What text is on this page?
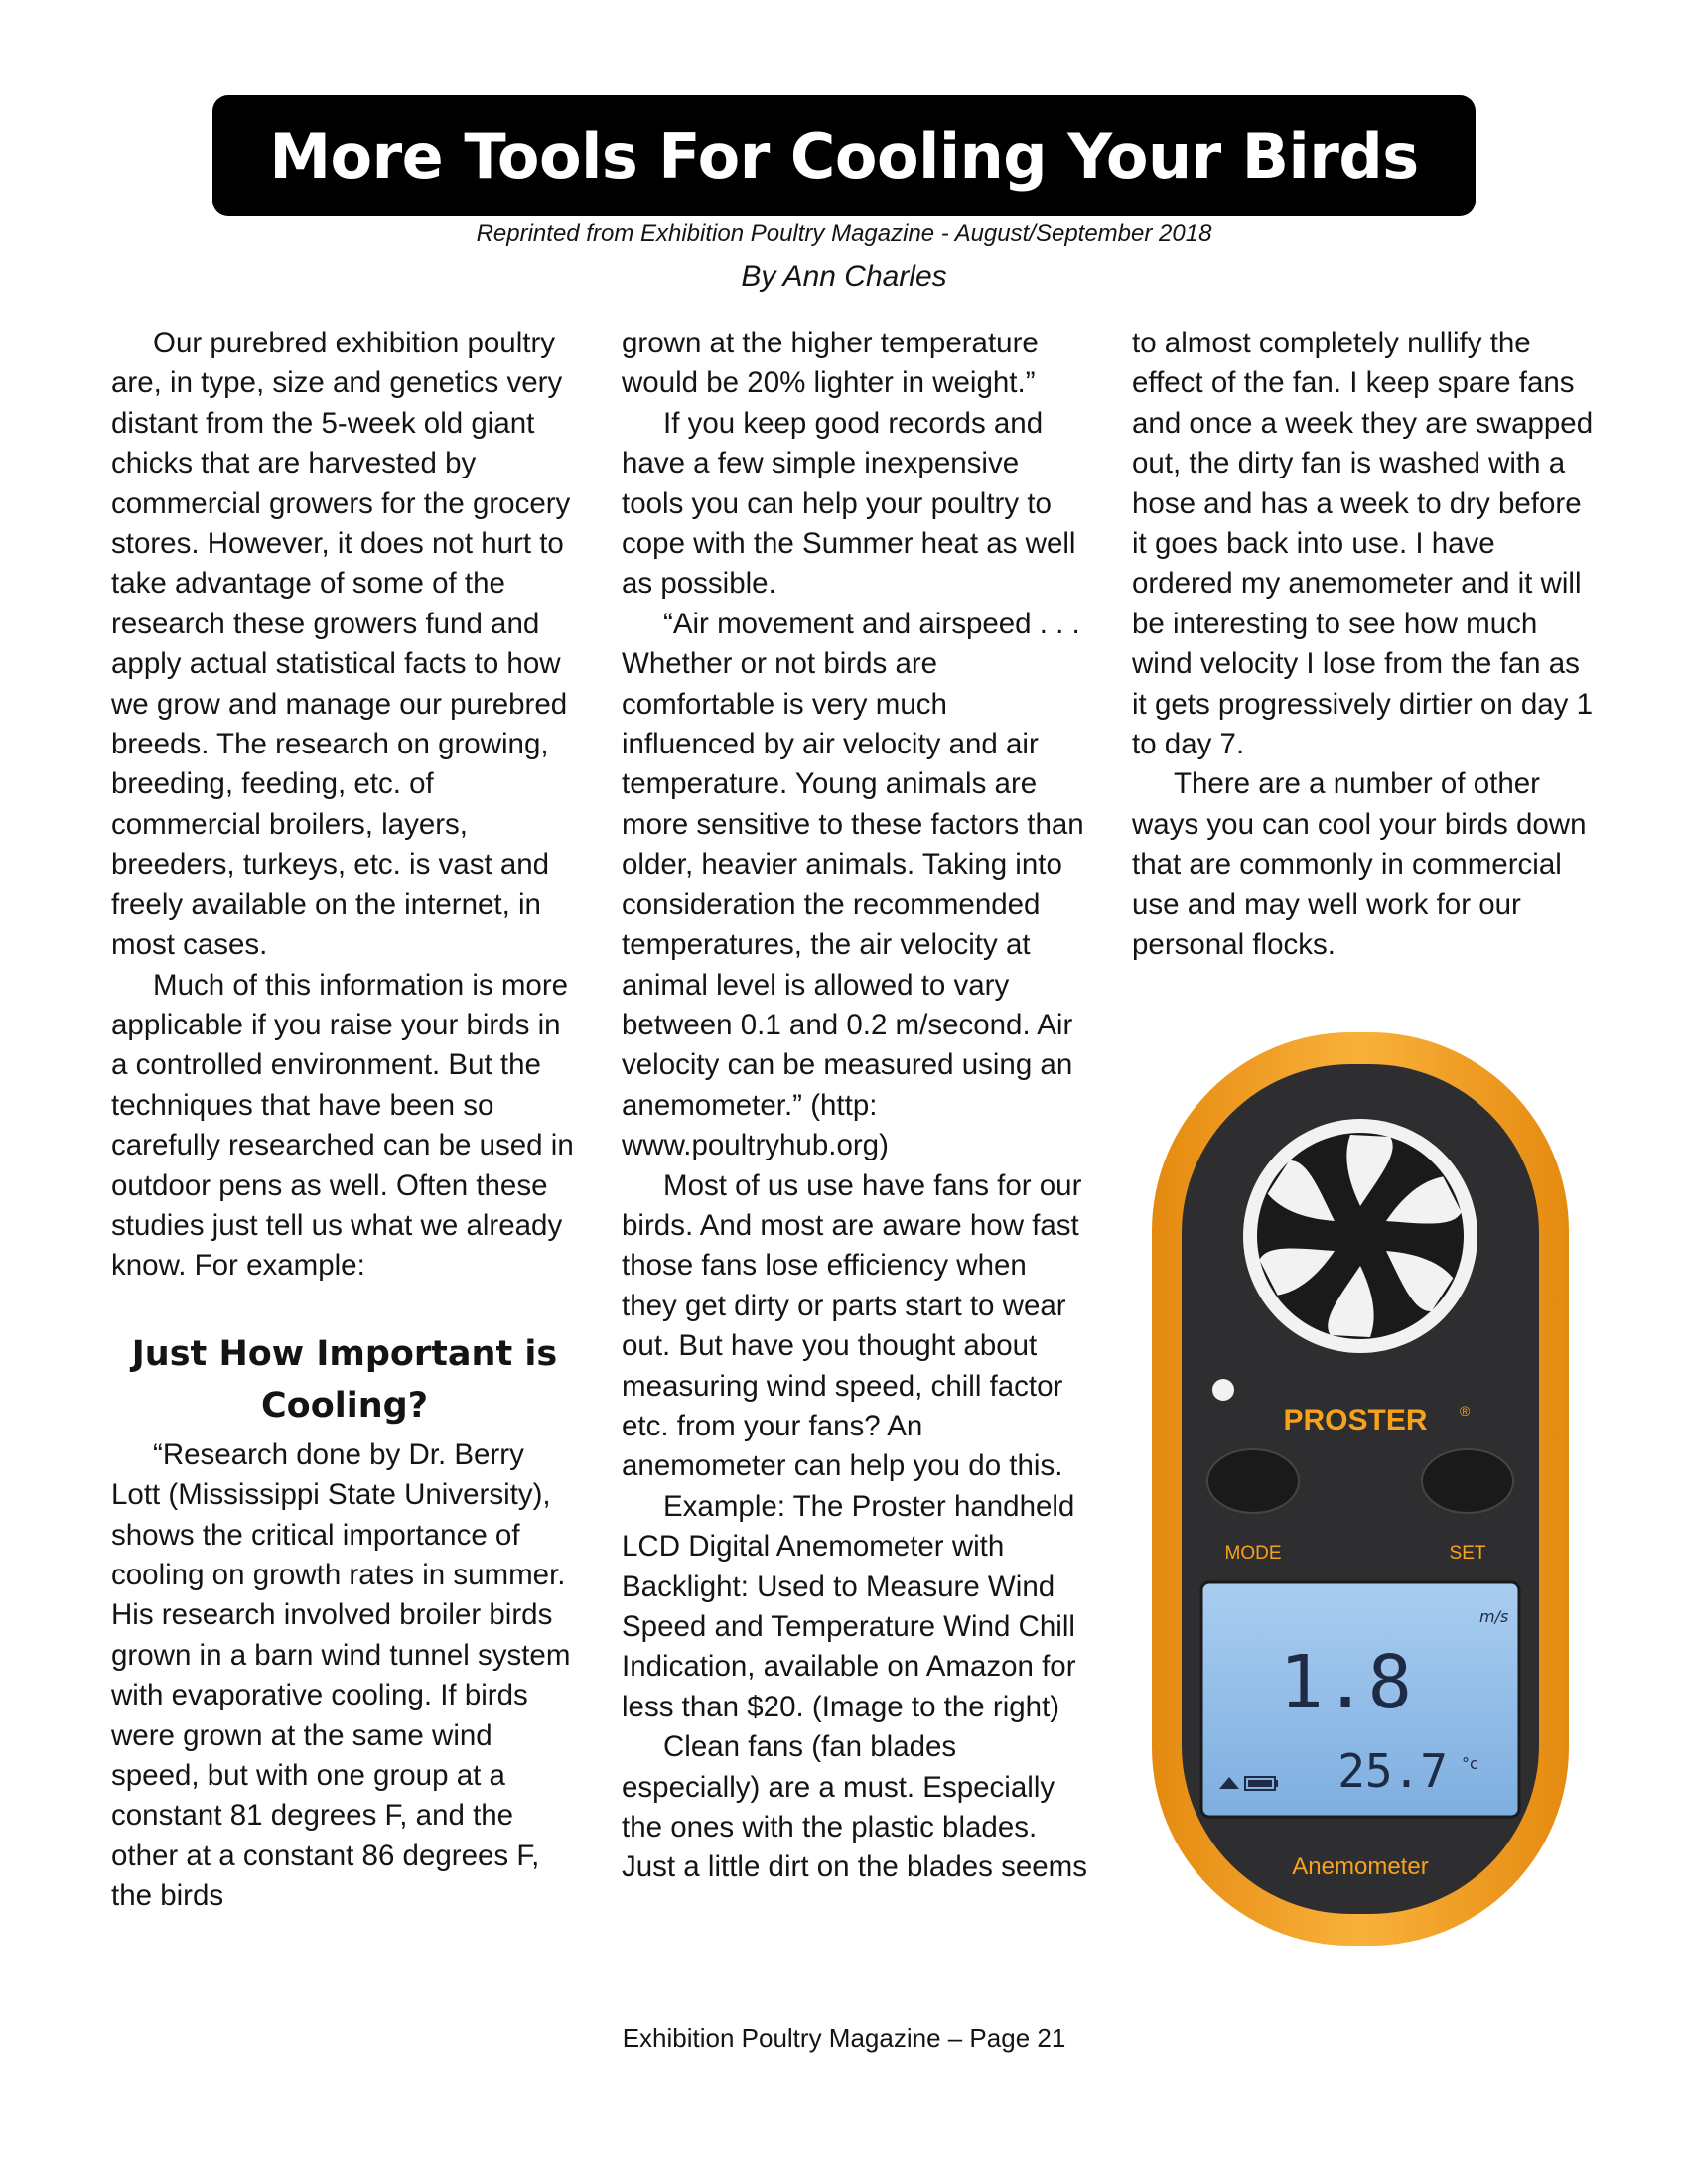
More Tools For Cooling Your Birds
Reprinted from Exhibition Poultry Magazine - August/September 2018
By Ann Charles

Our purebred exhibition poultry are, in type, size and genetics very distant from the 5-week old giant chicks that are harvested by commercial growers for the grocery stores. However, it does not hurt to take advantage of some of the research these growers fund and apply actual statistical facts to how we grow and manage our purebred breeds. The research on growing, breeding, feeding, etc. of commercial broilers, layers, breeders, turkeys, etc. is vast and freely available on the internet, in most cases.

Much of this information is more applicable if you raise your birds in a controlled environment. But the techniques that have been so carefully researched can be used in outdoor pens as well. Often these studies just tell us what we already know. For example:

Just How Important is Cooling?

“Research done by Dr. Berry Lott (Mississippi State University), shows the critical importance of cooling on growth rates in summer. His research involved broiler birds grown in a barn wind tunnel system with evaporative cooling. If birds were grown at the same wind speed, but with one group at a constant 81 degrees F, and the other at a constant 86 degrees F, the birds

grown at the higher temperature would be 20% lighter in weight.”

If you keep good records and have a few simple inexpensive tools you can help your poultry to cope with the Summer heat as well as possible.

“Air movement and airspeed . . . Whether or not birds are comfortable is very much influenced by air velocity and air temperature. Young animals are more sensitive to these factors than older, heavier animals. Taking into consideration the recommended temperatures, the air velocity at animal level is allowed to vary between 0.1 and 0.2 m/second. Air velocity can be measured using an anemometer.” (http: www.poultryhub.org)

Most of us use have fans for our birds. And most are aware how fast those fans lose efficiency when they get dirty or parts start to wear out. But have you thought about measuring wind speed, chill factor etc. from your fans? An anemometer can help you do this.

Example: The Proster handheld LCD Digital Anemometer with Backlight: Used to Measure Wind Speed and Temperature Wind Chill Indication, available on Amazon for less than $20. (Image to the right)

Clean fans (fan blades especially) are a must. Especially the ones with the plastic blades. Just a little dirt on the blades seems

to almost completely nullify the effect of the fan. I keep spare fans and once a week they are swapped out, the dirty fan is washed with a hose and has a week to dry before it goes back into use. I have ordered my anemometer and it will be interesting to see how much wind velocity I lose from the fan as it gets progressively dirtier on day 1 to day 7.

There are a number of other ways you can cool your birds down that are commonly in commercial use and may well work for our personal flocks.

PROSTER ®
MODE	SET
m/s
1.8
25.7 °c
Anemometer
Exhibition Poultry Magazine – Page 21
